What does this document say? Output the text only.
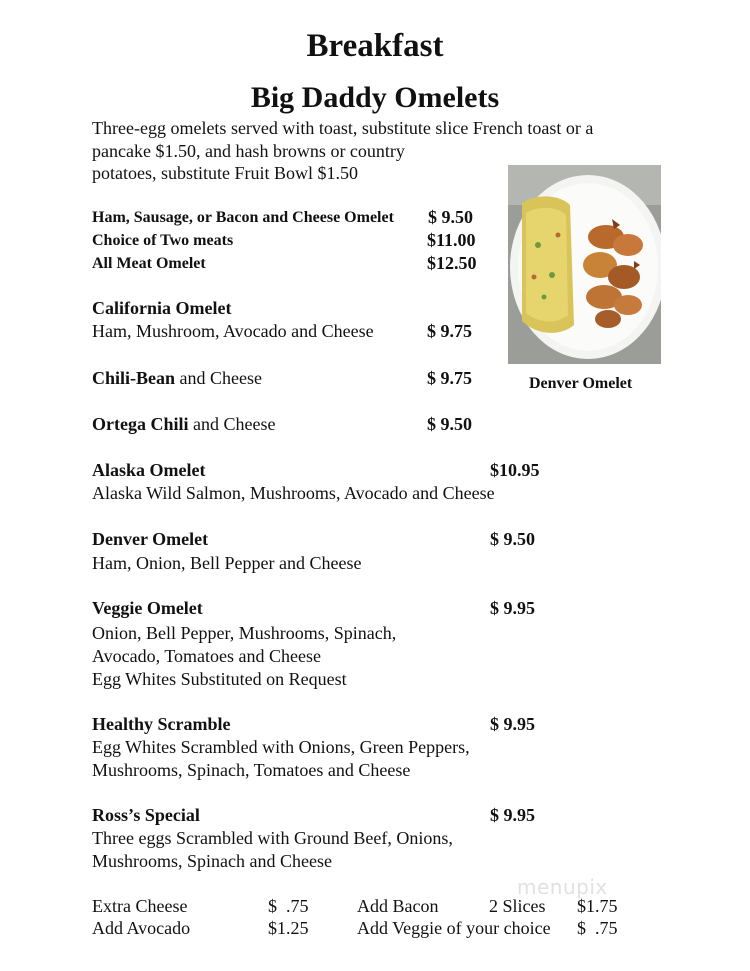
Breakfast
Big Daddy Omelets
Three-egg omelets served with toast, substitute slice French toast or a
pancake $1.50, and hash browns or country
potatoes, substitute Fruit Bowl $1.50
Ham, Sausage, or Bacon and Cheese Omelet $ 9.50
Choice of Two meats	$11.00
All Meat Omelet	$12.50
California Omelet
Ham, Mushroom, Avocado and Cheese	$ 9.75
Chili-Bean and Cheese	$ 9.75
Ortega Chili and Cheese	$ 9.50
Alaska Omelet	$10.95
Alaska Wild Salmon, Mushrooms, Avocado and Cheese
Denver Omelet	$ 9.50
Ham, Onion, Bell Pepper and Cheese
Veggie Omelet	$ 9.95
Onion, Bell Pepper, Mushrooms, Spinach,
Avocado, Tomatoes and Cheese
Egg Whites Substituted on Request
Healthy Scramble	$ 9.95
Egg Whites Scrambled with Onions, Green Peppers,
Mushrooms, Spinach, Tomatoes and Cheese
Ross’s Special	$ 9.95
Three eggs Scrambled with Ground Beef, Onions,
Mushrooms, Spinach and Cheese
Extra Cheese	$  .75	Add Bacon	2 Slices $1.75
Add Avocado	$1.25	Add Veggie of your choice $  .75
Denver Omelet
menupix
